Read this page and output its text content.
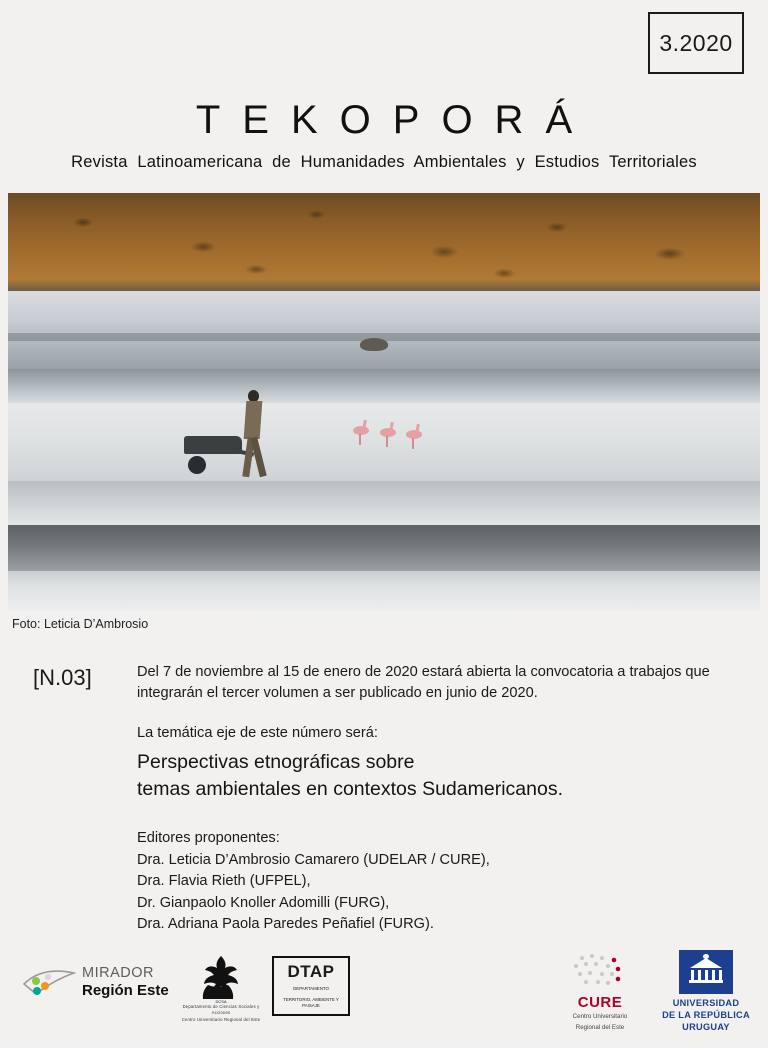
3.2020
TEKOPORÁ
Revista Latinoamericana de Humanidades Ambientales y Estudios Territoriales
Foto: Leticia D’Ambrosio
[N.03]	Del 7 de noviembre al 15 de enero de 2020 estará abierta la convocatoria a trabajos que integrarán el tercer volumen a ser publicado en junio de 2020.
La temática eje de este número será:
Perspectivas etnográficas sobre
temas ambientales en contextos Sudamericanos.
Editores proponentes:
Dra. Leticia D’Ambrosio Camarero (UDELAR / CURE),
Dra. Flavia Rieth (UFPEL),
Dr. Gianpaolo Knoller Adomilli (FURG),
Dra. Adriana Paola Paredes Peñafiel (FURG).
MIRADOR
Región Este
DCSA
Departamento de Ciencias Sociales y Acciones
Centro Universitario Regional del Este
DTAP
DEPARTAMENTO
TERRITORIO, AMBIENTE Y PAISAJE	CURE
Centro Universitario
Regional del Este
UNIVERSIDAD
DE LA REPÚBLICA
URUGUAY
